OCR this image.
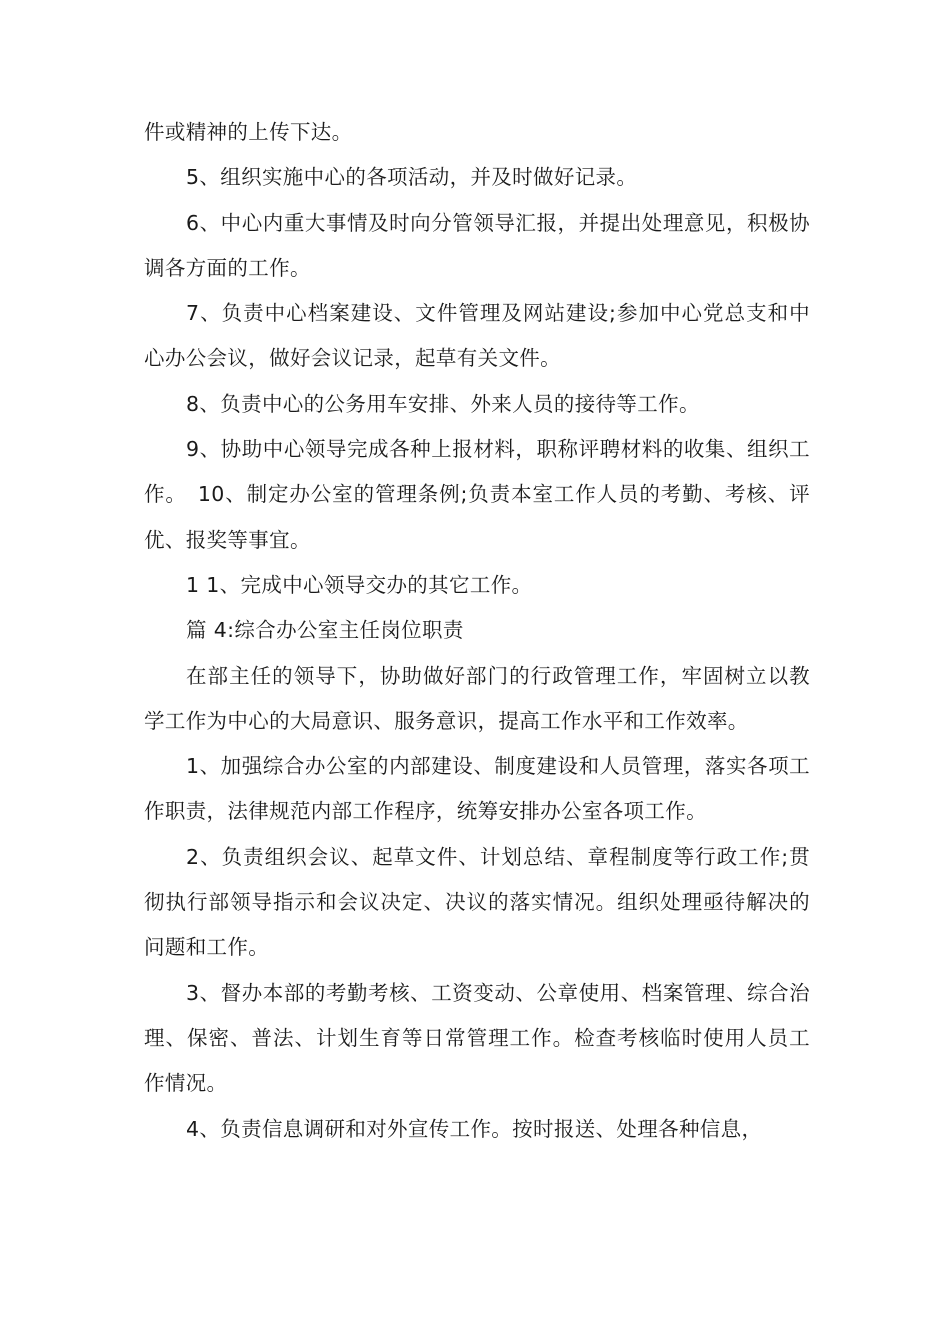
件或精神的上传下达。

5、组织实施中心的各项活动，并及时做好记录。

6、中心内重大事情及时向分管领导汇报，并提出处理意见，积极协调各方面的工作。

7、负责中心档案建设、文件管理及网站建设;参加中心党总支和中心办公会议，做好会议记录，起草有关文件。

8、负责中心的公务用车安排、外来人员的接待等工作。

9、协助中心领导完成各种上报材料，职称评聘材料的收集、组织工作。　10、制定办公室的管理条例;负责本室工作人员的考勤、考核、评优、报奖等事宜。

1 1、完成中心领导交办的其它工作。

篇 4:综合办公室主任岗位职责

在部主任的领导下，协助做好部门的行政管理工作，牢固树立以教学工作为中心的大局意识、服务意识，提高工作水平和工作效率。

1、加强综合办公室的内部建设、制度建设和人员管理，落实各项工作职责，法律规范内部工作程序，统筹安排办公室各项工作。

2、负责组织会议、起草文件、计划总结、章程制度等行政工作;贯彻执行部领导指示和会议决定、决议的落实情况。组织处理亟待解决的问题和工作。

3、督办本部的考勤考核、工资变动、公章使用、档案管理、综合治理、保密、普法、计划生育等日常管理工作。检查考核临时使用人员工作情况。

4、负责信息调研和对外宣传工作。按时报送、处理各种信息，
